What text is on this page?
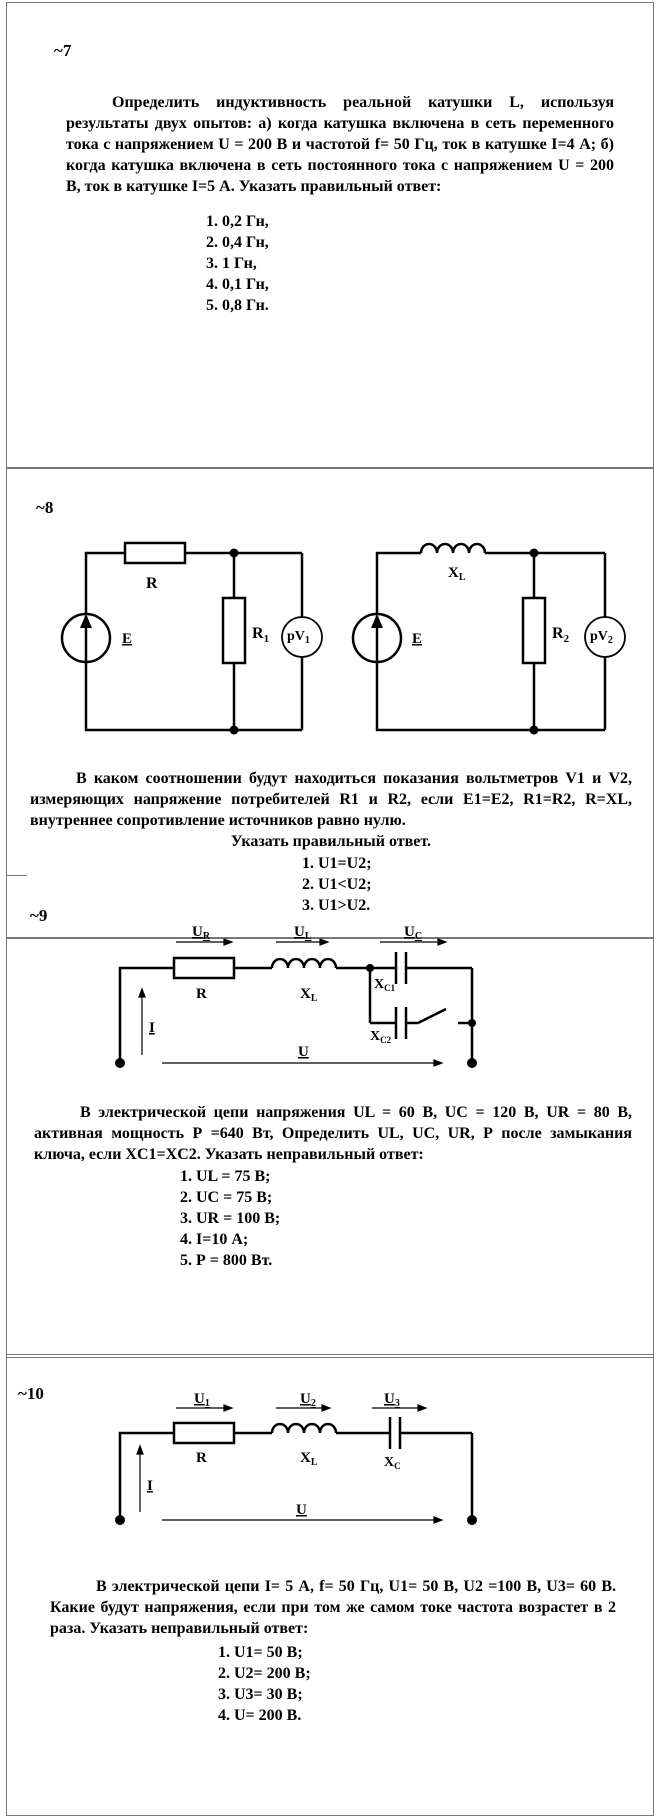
~7

Определить индуктивность реальной катушки L, используя результаты двух опытов: а) когда катушка включена в сеть переменного тока с напряжением U = 200 В и частотой f= 50 Гц, ток в катушке I=4 А; б) когда катушка включена в сеть постоянного тока с напряжением U = 200 В, ток в катушке I=5 А. Указать правильный ответ:

1. 0,2 Гн,
2. 0,4 Гн,
3. 1 Гн,
4. 0,1 Гн,
5. 0,8 Гн.
~8
R
$R_1$
E	$pV_1$
$X_L$
$R_2$
E	$pV_2$

В каком соотношении будут находиться показания вольтметров V1 и V2, измеряющих напряжение потребителей R1 и R2, если E1=E2, R1=R2, R=XL, внутреннее сопротивление источников равно нулю.

Указать правильный ответ.
1. U1=U2;
2. U1<U2;
3. U1>U2.
~9
$U_R$	$U_L$	$U_C$
R	$X_L$
$X_{C1}$
$X_{C2}$
I
U

В электрической цепи напряжения UL = 60 В, UC = 120 В, UR = 80 В, активная мощность Р =640 Вт, Определить UL, UC, UR, Р после замыкания ключа, если XC1=XC2. Указать неправильный ответ:

1. UL = 75 В;
2. UC = 75 В;
3. UR = 100 В;
4. I=10 А;
5. Р = 800 Вт.
~10	$U_1$	$U_2$	$U_3$
R	$X_L$	$X_C$
I
U

В электрической цепи I= 5 А, f= 50 Гц, U1= 50 В, U2 =100 В, U3= 60 В. Какие будут напряжения, если при том же самом токе частота возрастет в 2 раза. Указать неправильный ответ:

1. U1= 50 В;
2. U2= 200 В;
3. U3= 30 В;
4. U= 200 В.
